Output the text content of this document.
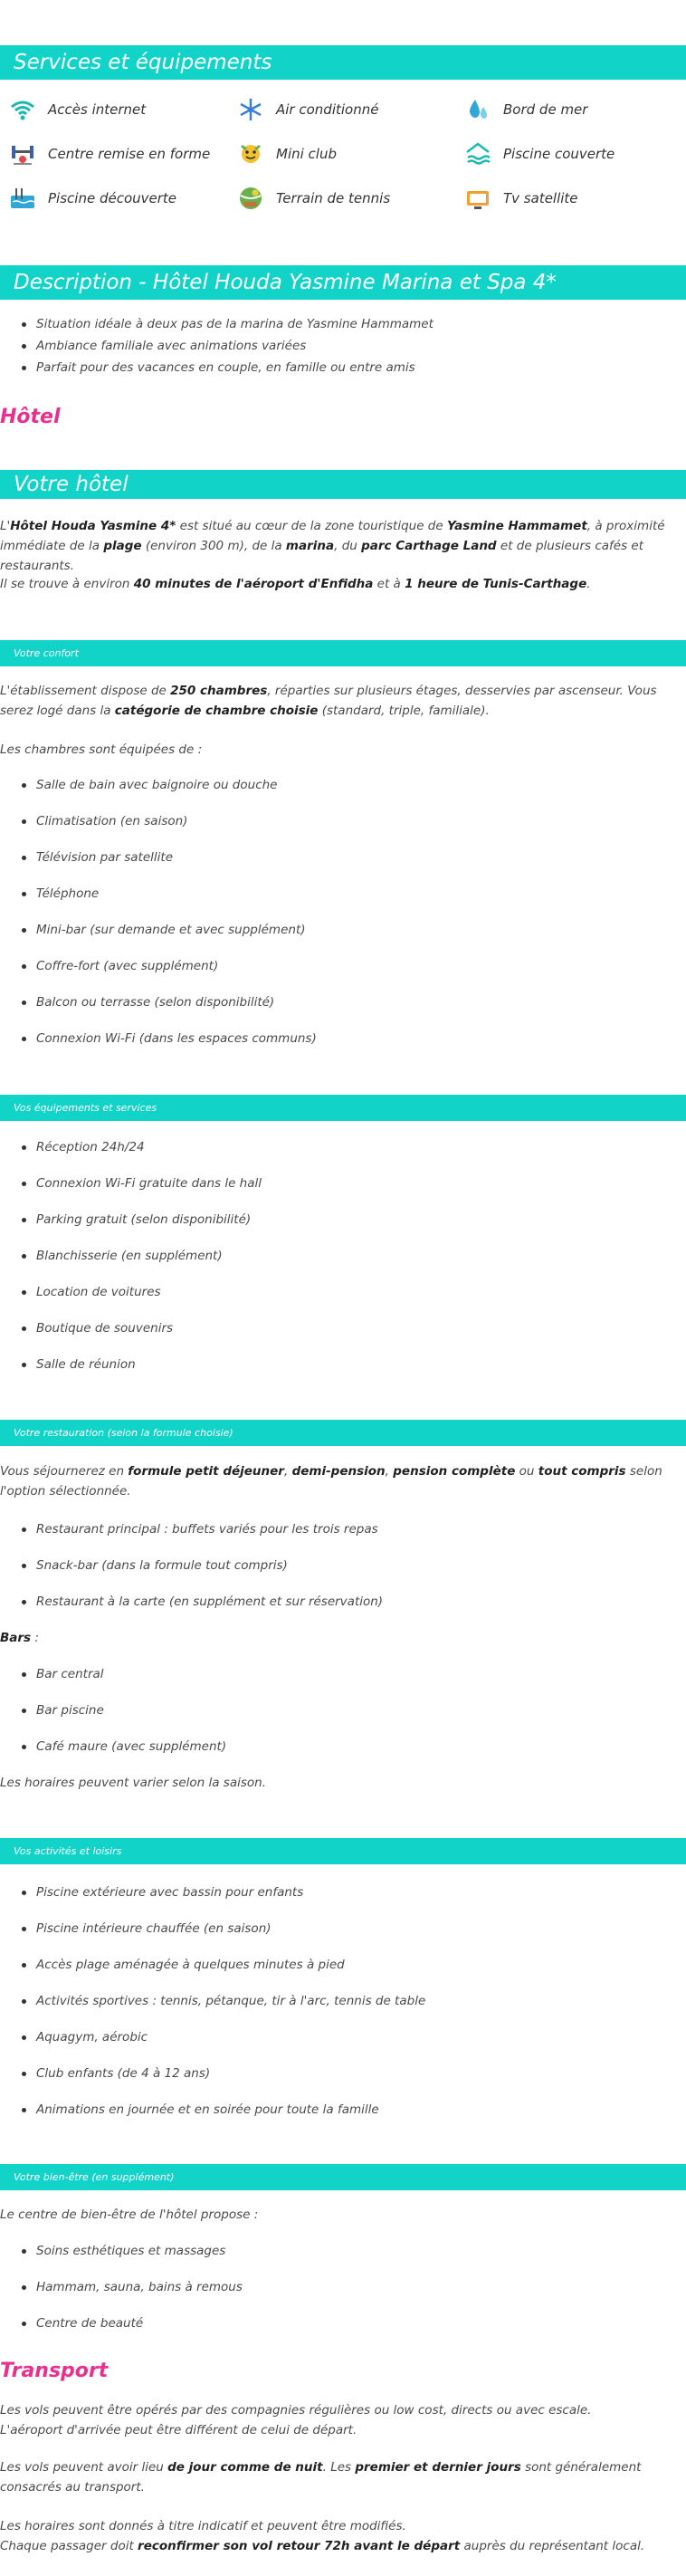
Services et équipements
Accès internet	Air conditionné	Bord de mer
Centre remise en forme	Mini club	Piscine couverte
Piscine découverte	Terrain de tennis	Tv satellite
Description - Hôtel Houda Yasmine Marina et Spa 4*
Situation idéale à deux pas de la marina de Yasmine Hammamet
Ambiance familiale avec animations variées
Parfait pour des vacances en couple, en famille ou entre amis
Hôtel
Votre hôtel
L'Hôtel Houda Yasmine 4* est situé au cœur de la zone touristique de Yasmine Hammamet, à proximité immédiate de la plage (environ 300 m), de la marina, du parc Carthage Land et de plusieurs cafés et restaurants.
Il se trouve à environ 40 minutes de l'aéroport d'Enfidha et à 1 heure de Tunis-Carthage.
Votre confort
L'établissement dispose de 250 chambres, réparties sur plusieurs étages, desservies par ascenseur. Vous serez logé dans la catégorie de chambre choisie (standard, triple, familiale).
Les chambres sont équipées de :
Salle de bain avec baignoire ou douche
Climatisation (en saison)
Télévision par satellite
Téléphone
Mini-bar (sur demande et avec supplément)
Coffre-fort (avec supplément)
Balcon ou terrasse (selon disponibilité)
Connexion Wi-Fi (dans les espaces communs)
Vos équipements et services
Réception 24h/24
Connexion Wi-Fi gratuite dans le hall
Parking gratuit (selon disponibilité)
Blanchisserie (en supplément)
Location de voitures
Boutique de souvenirs
Salle de réunion
Votre restauration (selon la formule choisie)
Vous séjournerez en formule petit déjeuner, demi-pension, pension complète ou tout compris selon l'option sélectionnée.
Restaurant principal : buffets variés pour les trois repas
Snack-bar (dans la formule tout compris)
Restaurant à la carte (en supplément et sur réservation)
Bars :
Bar central
Bar piscine
Café maure (avec supplément)
Les horaires peuvent varier selon la saison.
Vos activités et loisirs
Piscine extérieure avec bassin pour enfants
Piscine intérieure chauffée (en saison)
Accès plage aménagée à quelques minutes à pied
Activités sportives : tennis, pétanque, tir à l'arc, tennis de table
Aquagym, aérobic
Club enfants (de 4 à 12 ans)
Animations en journée et en soirée pour toute la famille
Votre bien-être (en supplément)
Le centre de bien-être de l'hôtel propose :
Soins esthétiques et massages
Hammam, sauna, bains à remous
Centre de beauté
Transport
Les vols peuvent être opérés par des compagnies régulières ou low cost, directs ou avec escale.
L'aéroport d'arrivée peut être différent de celui de départ.
Les vols peuvent avoir lieu de jour comme de nuit. Les premier et dernier jours sont généralement consacrés au transport.
Les horaires sont donnés à titre indicatif et peuvent être modifiés.
Chaque passager doit reconfirmer son vol retour 72h avant le départ auprès du représentant local.
